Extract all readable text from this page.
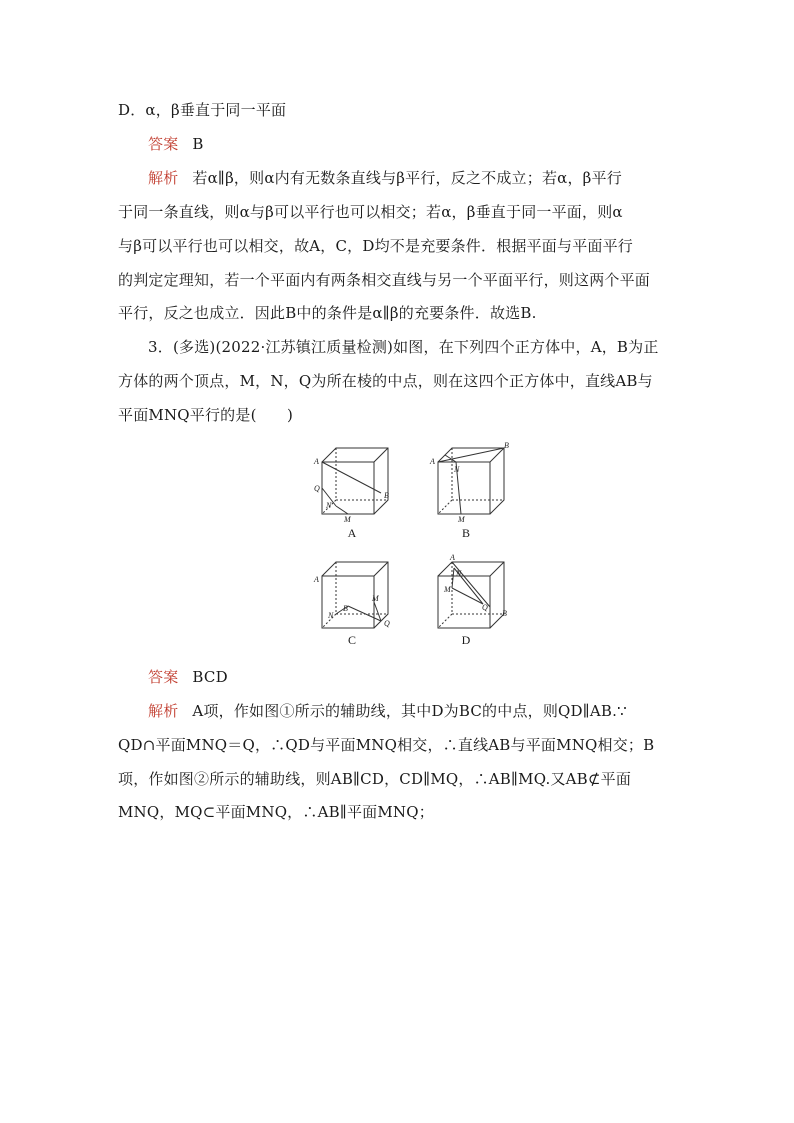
D．α，β垂直于同一平面
答案 B
解析 若α∥β，则α内有无数条直线与β平行，反之不成立；若α，β平行
于同一条直线，则α与β可以平行也可以相交；若α，β垂直于同一平面，则α
与β可以平行也可以相交，故A，C，D均不是充要条件．根据平面与平面平行
的判定定理知，若一个平面内有两条相交直线与另一个平面平行，则这两个平面
平行，反之也成立．因此B中的条件是α∥β的充要条件．故选B.
3．(多选)(2022·江苏镇江质量检测)如图，在下列四个正方体中，A，B为正
方体的两个顶点，M，N，Q为所在棱的中点，则在这四个正方体中，直线AB与
平面MNQ平行的是(　　)
A
Q
N
M
B
A
A
N
B
M
B
A
N
B
M
Q
C
A
N
M
Q
B
D
答案 BCD
解析 A项，作如图①所示的辅助线，其中D为BC的中点，则QD∥AB.∵
QD∩平面MNQ＝Q，∴QD与平面MNQ相交，∴直线AB与平面MNQ相交；B
项，作如图②所示的辅助线，则AB∥CD，CD∥MQ，∴AB∥MQ.又AB⊄平面
MNQ，MQ⊂平面MNQ，∴AB∥平面MNQ；
